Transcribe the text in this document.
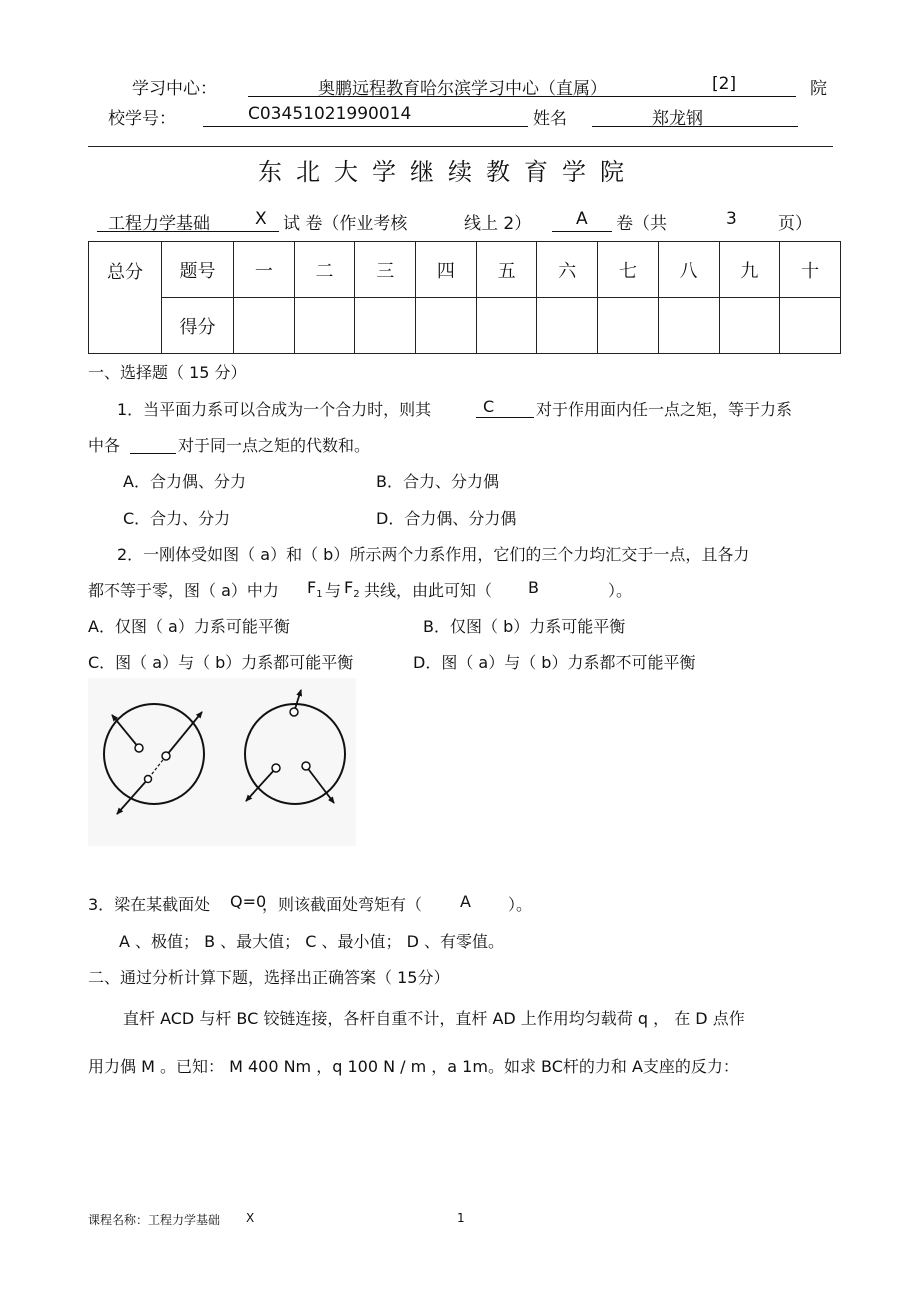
学习中心：	奥鹏远程教育哈尔滨学习中心（直属）	[2]	院
校学号：	C03451021990014	姓名	郑龙钢
东北大学继续教育学院
工程力学基础	X 试 卷（作业考核	线上 2）	A 卷（共	3 页）
总分	题号	一	二	三	四	五	六	七	八	九	十
	得分										
一、选择题（ 15 分）
1．当平面力系可以合成为一个合力时，则其	C	对于作用面内任一点之矩，等于力系
中各	对于同一点之矩的代数和。
A．合力偶、分力	B．合力、分力偶
C．合力、分力	D．合力偶、分力偶
2．一刚体受如图（ a）和（ b）所示两个力系作用，它们的三个力均汇交于一点，且各力
都不等于零，图（ a）中力 $F_1$ 与 $F_2$ 共线，由此可知（ B	）。
A．仅图（ a）力系可能平衡	B．仅图（ b）力系可能平衡
C．图（ a）与（ b）力系都可能平衡	D．图（ a）与（ b）力系都不可能平衡
3．梁在某截面处 Q=0
，则该截面处弯矩有（ A ）。
A 、极值； B 、最大值； C 、最小值； D 、有零值。
二、通过分析计算下题，选择出正确答案（ 15分）
直杆 ACD 与杆 BC 铰链连接，各杆自重不计，直杆 AD 上作用均匀载荷 q ， 在 D 点作
用力偶 M 。已知： M 400 Nm ，q 100 N / m ，a 1m。如求 BC杆的力和 A支座的反力：
课程名称：工程力学基础 X	1
